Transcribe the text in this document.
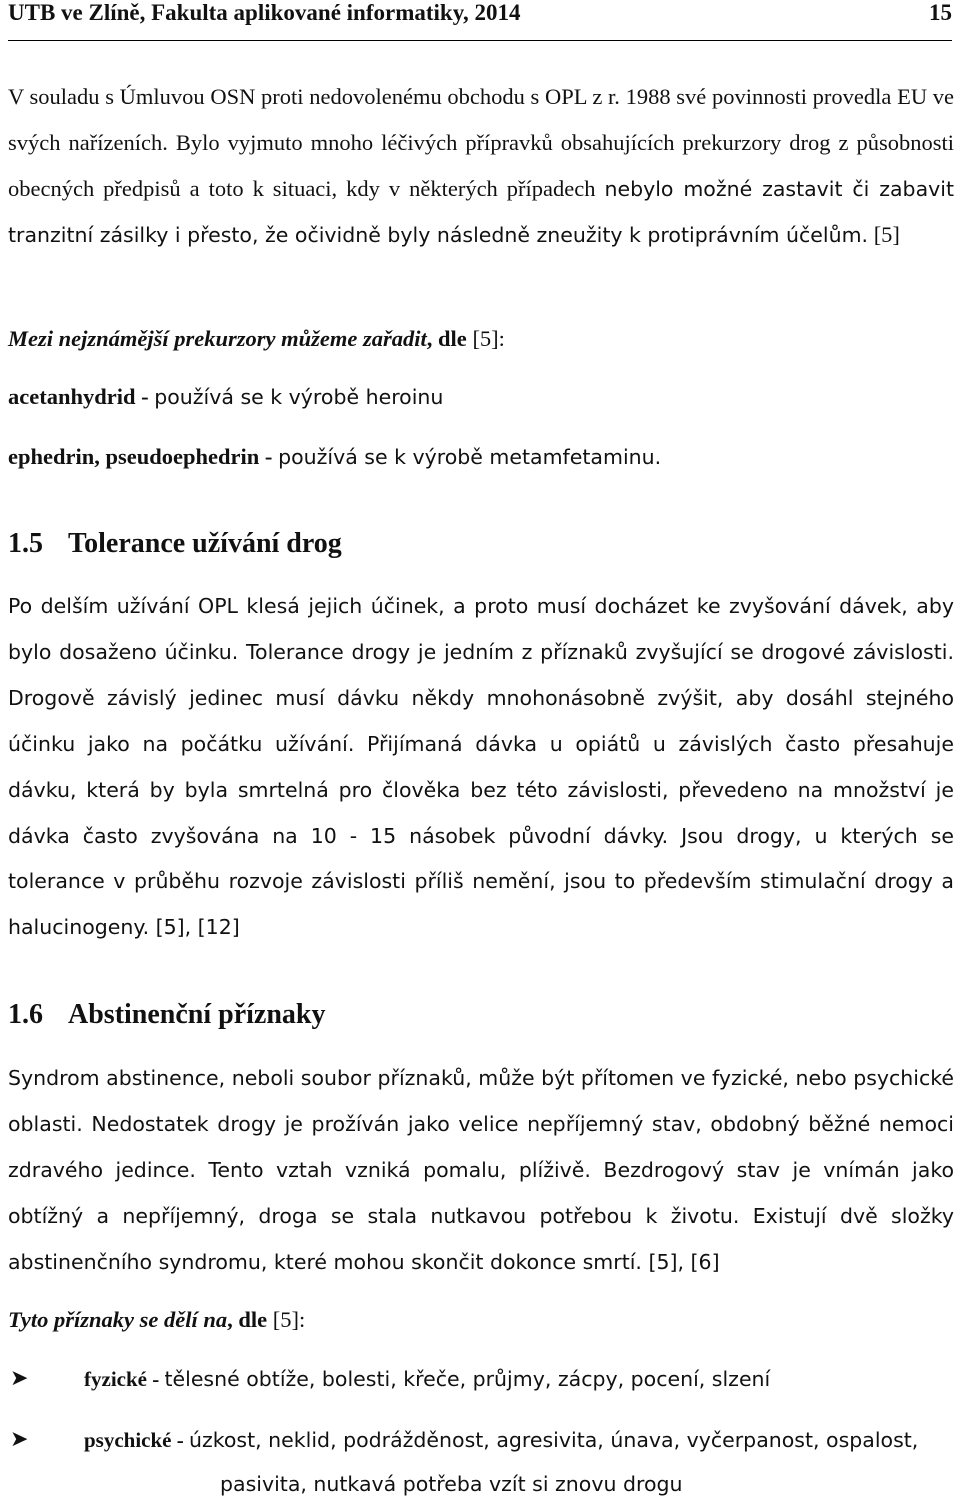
UTB ve Zlíně, Fakulta aplikované informatiky, 2014	15

V souladu s Úmluvou OSN proti nedovolenému obchodu s OPL z r. 1988 své povinnosti provedla EU ve svých nařízeních. Bylo vyjmuto mnoho léčivých přípravků obsahujících prekurzory drog z působnosti obecných předpisů a toto k situaci, kdy v některých případech nebylo možné zastavit či zabavit tranzitní zásilky i přesto, že očividně byly následně zneužity k protiprávním účelům. [5]

Mezi nejznámější prekurzory můžeme zařadit, dle [5]:
acetanhydrid - používá se k výrobě heroinu
ephedrin, pseudoephedrin - používá se k výrobě metamfetaminu.
1.5 Tolerance užívání drog

Po delším užívání OPL klesá jejich účinek, a proto musí docházet ke zvyšování dávek, aby bylo dosaženo účinku. Tolerance drogy je jedním z příznaků zvyšující se drogové závislosti. Drogově závislý jedinec musí dávku někdy mnohonásobně zvýšit, aby dosáhl stejného účinku jako na počátku užívání. Přijímaná dávka u opiátů u závislých často přesahuje dávku, která by byla smrtelná pro člověka bez této závislosti, převedeno na množství je dávka často zvyšována na 10 - 15 násobek původní dávky. Jsou drogy, u kterých se tolerance v průběhu rozvoje závislosti příliš nemění, jsou to především stimulační drogy a halucinogeny. [5], [12]

1.6 Abstinenční příznaky

Syndrom abstinence, neboli soubor příznaků, může být přítomen ve fyzické, nebo psychické oblasti. Nedostatek drogy je prožíván jako velice nepříjemný stav, obdobný běžné nemoci zdravého jedince. Tento vztah vzniká pomalu, plíživě. Bezdrogový stav je vnímán jako obtížný a nepříjemný, droga se stala nutkavou potřebou k životu. Existují dvě složky abstinenčního syndromu, které mohou skončit dokonce smrtí. [5], [6]

Tyto příznaky se dělí na, dle [5]:
➤	fyzické - tělesné obtíže, bolesti, křeče, průjmy, zácpy, pocení, slzení
➤	psychické - úzkost, neklid, podrážděnost, agresivita, únava, vyčerpanost, ospalost,
pasivita, nutkavá potřeba vzít si znovu drogu
